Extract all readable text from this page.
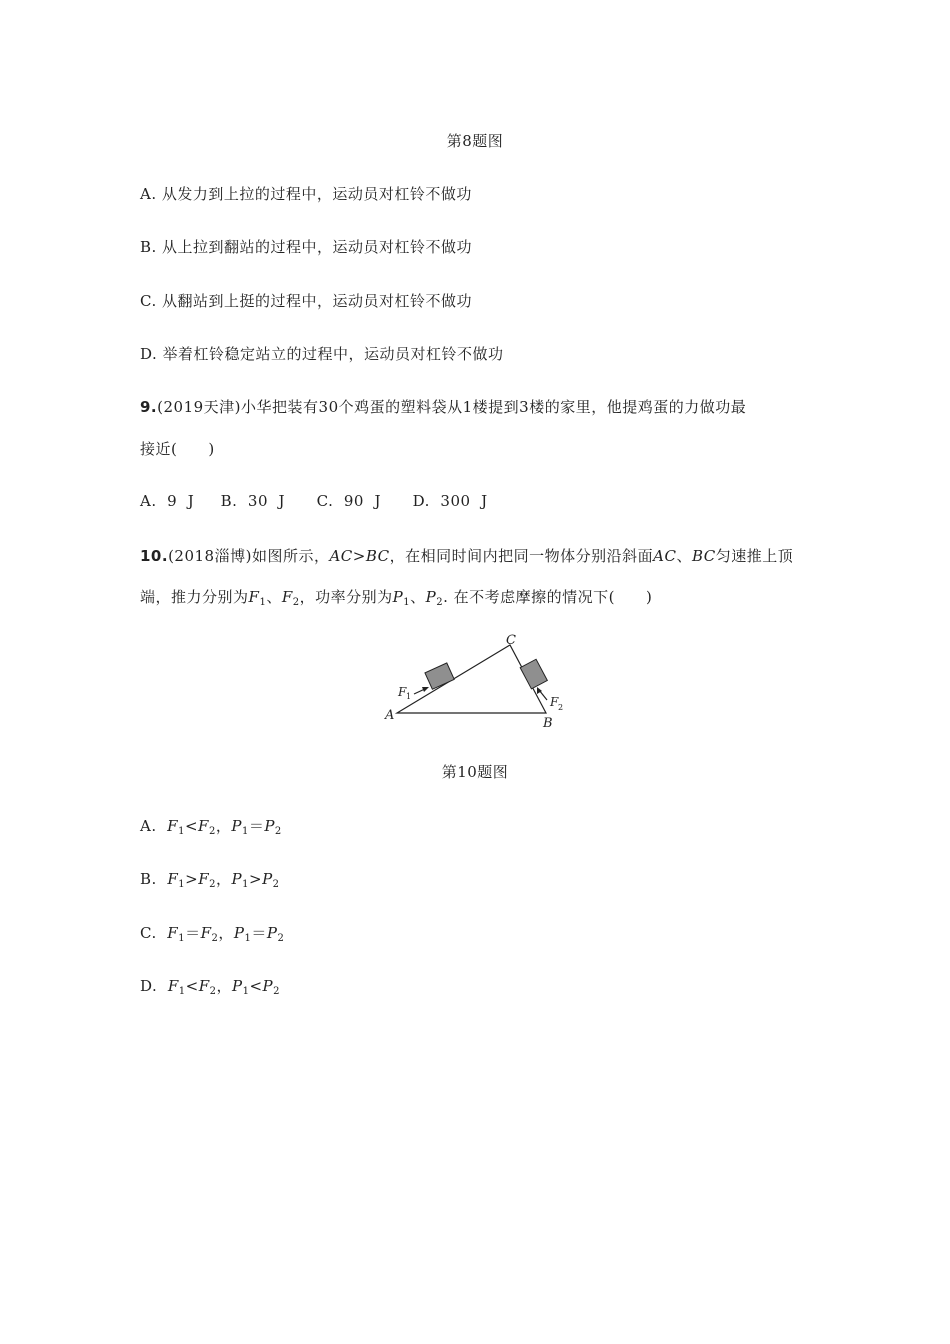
第8题图
A. 从发力到上拉的过程中，运动员对杠铃不做功
B. 从上拉到翻站的过程中，运动员对杠铃不做功
C. 从翻站到上挺的过程中，运动员对杠铃不做功
D. 举着杠铃稳定站立的过程中，运动员对杠铃不做功
9.(2019天津)小华把装有30个鸡蛋的塑料袋从1楼提到3楼的家里，他提鸡蛋的力做功最
接近(　　)
A.  9  J     B.  30  J      C.  90  J      D.  300  J
10.(2018淄博)如图所示，AC>BC，在相同时间内把同一物体分别沿斜面AC、BC匀速推上顶
端，推力分别为$F_1$、$F_2$，功率分别为$P_1$、$P_2$. 在不考虑摩擦的情况下(　　)
A
B
C
F 1	F 2
第10题图
A. $F_1<F_2$，$P_1=P_2$
B. $F_1>F_2$，$P_1>P_2$
C. $F_1=F_2$，$P_1=P_2$
D. $F_1<F_2$，$P_1<P_2$
